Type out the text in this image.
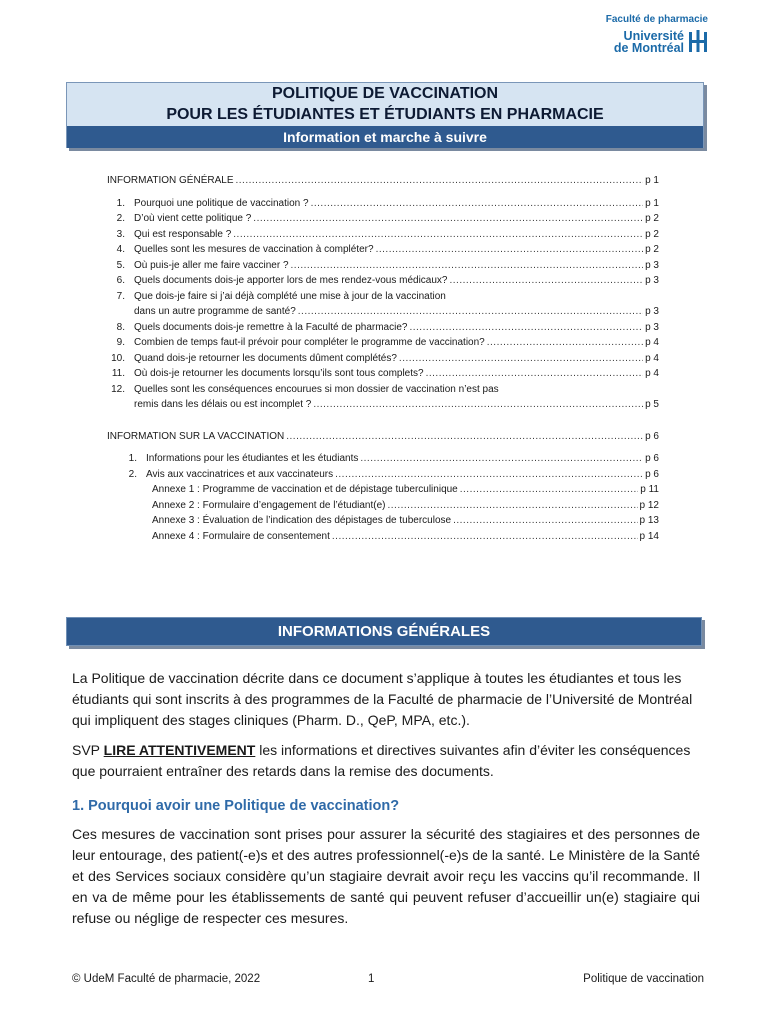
Faculté de pharmacie
Université
de Montréal
POLITIQUE DE VACCINATION
POUR LES ÉTUDIANTES ET ÉTUDIANTS EN PHARMACIE
Information et marche à suivre
INFORMATION GÉNÉRALE .....	p 1
1. Pourquoi une politique de vaccination ? .....	p 1
2. D’où vient cette politique ? .....	p 2
3. Qui est responsable ? .....	p 2
4. Quelles sont les mesures de vaccination à compléter? .....	p 2
5. Où puis-je aller me faire vacciner ? .....	p 3
6. Quels documents dois-je apporter lors de mes rendez-vous médicaux? .....	p 3
7. Que dois-je faire si j’ai déjà complété une mise à jour de la vaccination
dans un autre programme de santé? .....	p 3
8. Quels documents dois-je remettre à la Faculté de pharmacie? .....	p 3
9. Combien de temps faut-il prévoir pour compléter le programme de vaccination? .....	p 4
10. Quand dois-je retourner les documents dûment complétés? .....	p 4
11. Où dois-je retourner les documents lorsqu’ils sont tous complets? .....	p 4
12. Quelles sont les conséquences encourues si mon dossier de vaccination n’est pas
remis dans les délais ou est incomplet ? .....	p 5
INFORMATION SUR LA VACCINATION .....	p 6
1. Informations pour les étudiantes et les étudiants .....	p 6
2. Avis aux vaccinatrices et aux vaccinateurs .....	p 6
Annexe 1 : Programme de vaccination et de dépistage tuberculinique .....	p 11
Annexe 2 : Formulaire d’engagement de l’étudiant(e) .....	p 12
Annexe 3 : Évaluation de l’indication des dépistages de tuberculose .....	p 13
Annexe 4 : Formulaire de consentement .....	p 14
INFORMATIONS GÉNÉRALES
La Politique de vaccination décrite dans ce document s’applique à toutes les étudiantes et tous les étudiants qui sont inscrits à des programmes de la Faculté de pharmacie de l’Université de Montréal qui impliquent des stages cliniques (Pharm. D., QeP, MPA, etc.).
SVP LIRE ATTENTIVEMENT les informations et directives suivantes afin d’éviter les conséquences que pourraient entraîner des retards dans la remise des documents.
1. Pourquoi avoir une Politique de vaccination?
Ces mesures de vaccination sont prises pour assurer la sécurité des stagiaires et des personnes de leur entourage, des patient(-e)s et des autres professionnel(-e)s de la santé. Le Ministère de la Santé et des Services sociaux considère qu’un stagiaire devrait avoir reçu les vaccins qu’il recommande. Il en va de même pour les établissements de santé qui peuvent refuser d’accueillir un(e) stagiaire qui refuse ou néglige de respecter ces mesures.
© UdeM Faculté de pharmacie, 2022	1	Politique de vaccination
